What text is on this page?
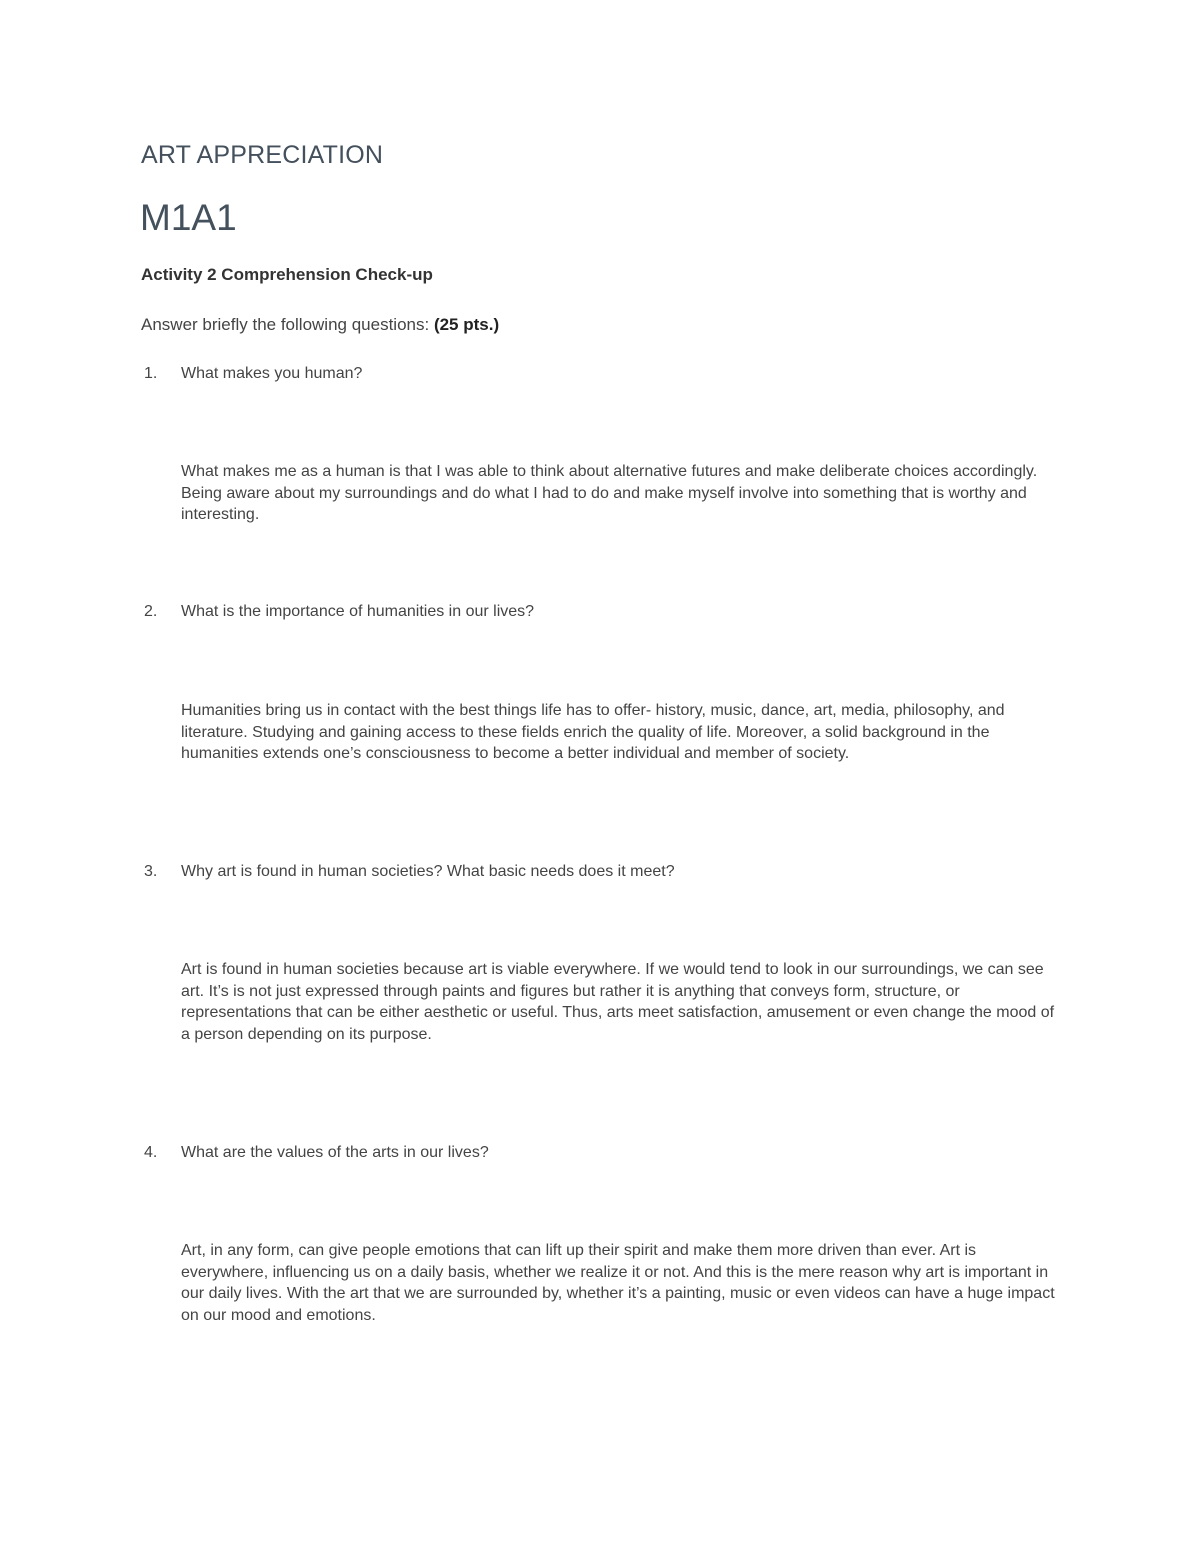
ART APPRECIATION
M1A1
Activity 2 Comprehension Check-up
Answer briefly the following questions: (25 pts.)
1. What makes you human?

What makes me as a human is that I was able to think about alternative futures and make deliberate choices accordingly. Being aware about my surroundings and do what I had to do and make myself involve into something that is worthy and interesting.

2. What is the importance of humanities in our lives?

Humanities bring us in contact with the best things life has to offer- history, music, dance, art, media, philosophy, and literature. Studying and gaining access to these fields enrich the quality of life. Moreover, a solid background in the humanities extends one’s consciousness to become a better individual and member of society.

3. Why art is found in human societies? What basic needs does it meet?

Art is found in human societies because art is viable everywhere. If we would tend to look in our surroundings, we can see art. It’s is not just expressed through paints and figures but rather it is anything that conveys form, structure, or representations that can be either aesthetic or useful. Thus, arts meet satisfaction, amusement or even change the mood of a person depending on its purpose.

4. What are the values of the arts in our lives?

Art, in any form, can give people emotions that can lift up their spirit and make them more driven than ever. Art is everywhere, influencing us on a daily basis, whether we realize it or not. And this is the mere reason why art is important in our daily lives. With the art that we are surrounded by, whether it’s a painting, music or even videos can have a huge impact on our mood and emotions.
